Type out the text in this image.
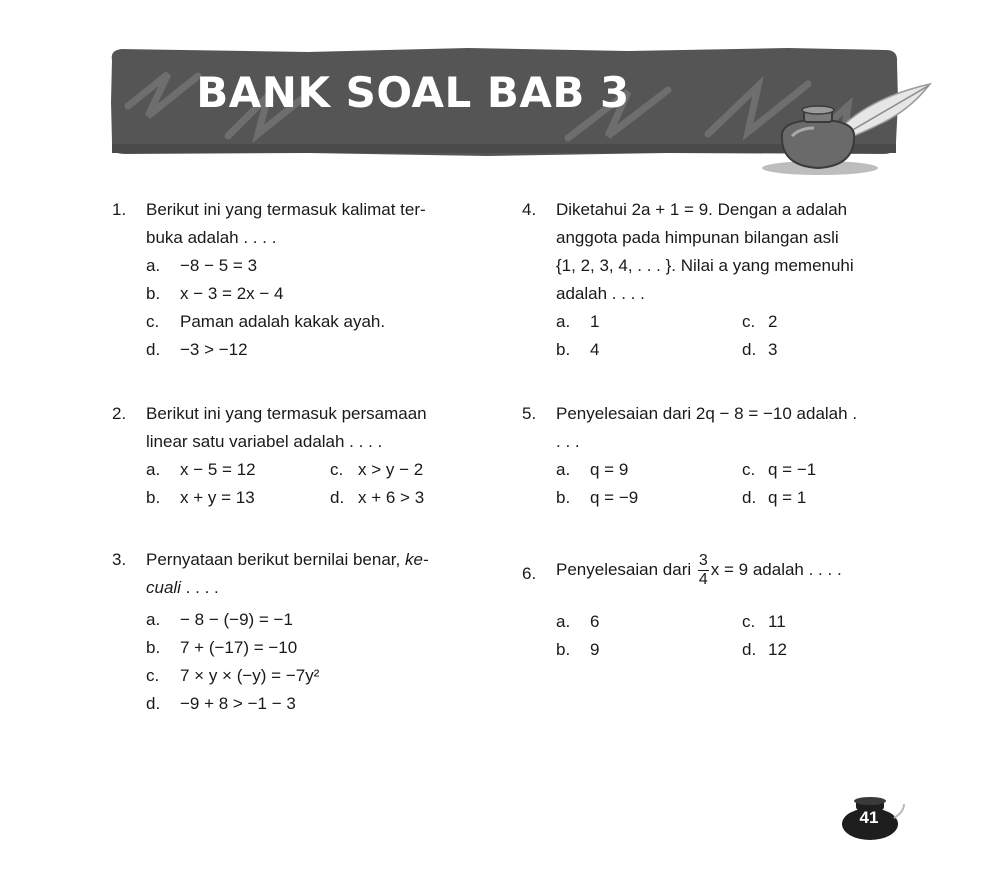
BANK SOAL BAB 3
1. Berikut ini yang termasuk kalimat ter-
buka adalah . . . .
a. −8 − 5 = 3
b. x − 3 = 2x − 4
c. Paman adalah kakak ayah.
d. −3 > −12
2. Berikut ini yang termasuk persamaan
linear satu variabel adalah . . . .
a. x − 5 = 12	c. x > y − 2
b. x + y = 13	d. x + 6 > 3
3. Pernyataan berikut bernilai benar, ke-
cuali . . . .
a. − 8 − (−9) = −1
b. 7 + (−17) = −10
c. 7 × y × (−y) = −7y²
d. −9 + 8 > −1 − 3
4. Diketahui 2a + 1 = 9. Dengan a adalah
anggota pada himpunan bilangan asli
{1, 2, 3, 4, . . . }. Nilai a yang memenuhi
adalah . . . .
a. 1	c. 2
b. 4	d. 3
5. Penyelesaian dari 2q − 8 = −10 adalah .
. . .
a. q = 9	c. q = −1
b. q = −9	d. q = 1
6. Penyelesaian dari $\frac{3}{4}$ x = 9 adalah . . . .
a. 6	c. 11
b. 9	d. 12
41
